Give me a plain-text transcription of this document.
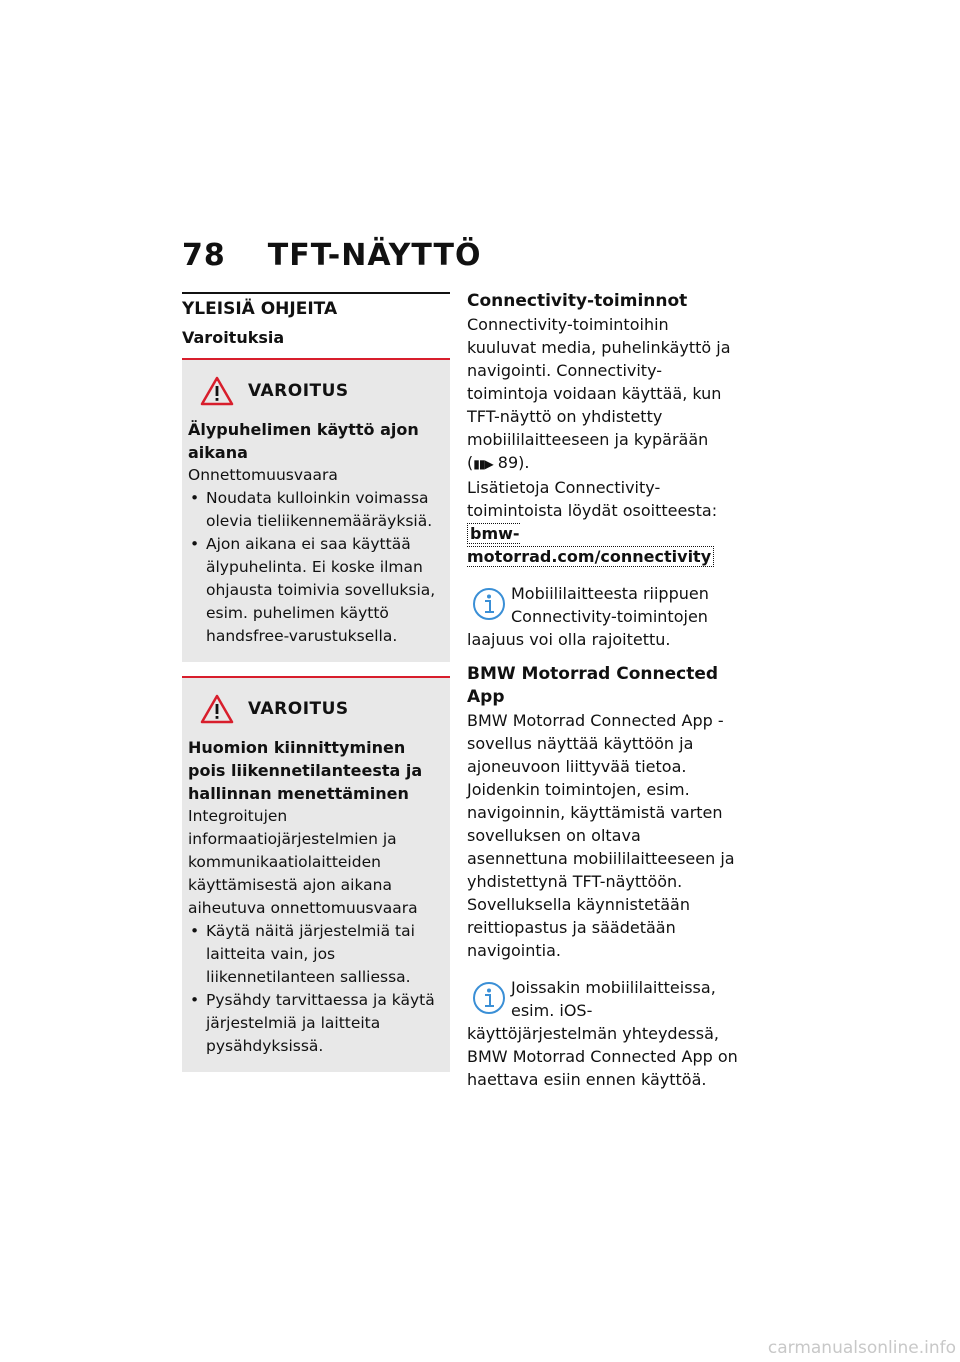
78 TFT-NÄYTTÖ
YLEISIÄ OHJEITA
Varoituksia
VAROITUS
Älypuhelimen käyttö ajon aikana
Onnettomuusvaara
• Noudata kulloinkin voimassa olevia tieliikennemääräyksiä.
• Ajon aikana ei saa käyttää älypuhelinta. Ei koske ilman ohjausta toimivia sovelluksia, esim. puhelimen käyttö handsfree-varustuksella.
VAROITUS
Huomion kiinnittyminen pois liikennetilanteesta ja hallinnan menettäminen
Integroitujen informaatiojärjestelmien ja kommunikaatiolaitteiden käyttämisestä ajon aikana aiheutuva onnettomuusvaara
• Käytä näitä järjestelmiä tai laitteita vain, jos liikennetilanteen salliessa.
• Pysähdy tarvittaessa ja käytä järjestelmiä ja laitteita pysähdyksissä.
Connectivity-toiminnot
Connectivity-toimintoihin kuuluvat media, puhelinkäyttö ja navigointi. Connectivity-toimintoja voidaan käyttää, kun TFT-näyttö on yhdistetty mobiililaitteeseen ja kypärään (▮▮▶ 89).
Lisätietoja Connectivity-toimintoista löydät osoitteesta:
bmw-motorrad.com/connectivity
Mobiililaitteesta riippuen Connectivity-toimintojen
laajuus voi olla rajoitettu.
BMW Motorrad Connected App
BMW Motorrad Connected App -sovellus näyttää käyttöön ja ajoneuvoon liittyvää tietoa. Joidenkin toimintojen, esim. navigoinnin, käyttämistä varten sovelluksen on oltava asennettuna mobiililaitteeseen ja yhdistettynä TFT-näyttöön. Sovelluksella käynnistetään reittiopastus ja säädetään navigointia.
Joissakin mobiililaitteissa, esim. iOS-
käyttöjärjestelmän yhteydessä, BMW Motorrad Connected App on haettava esiin ennen käyttöä.
carmanualsonline.info
